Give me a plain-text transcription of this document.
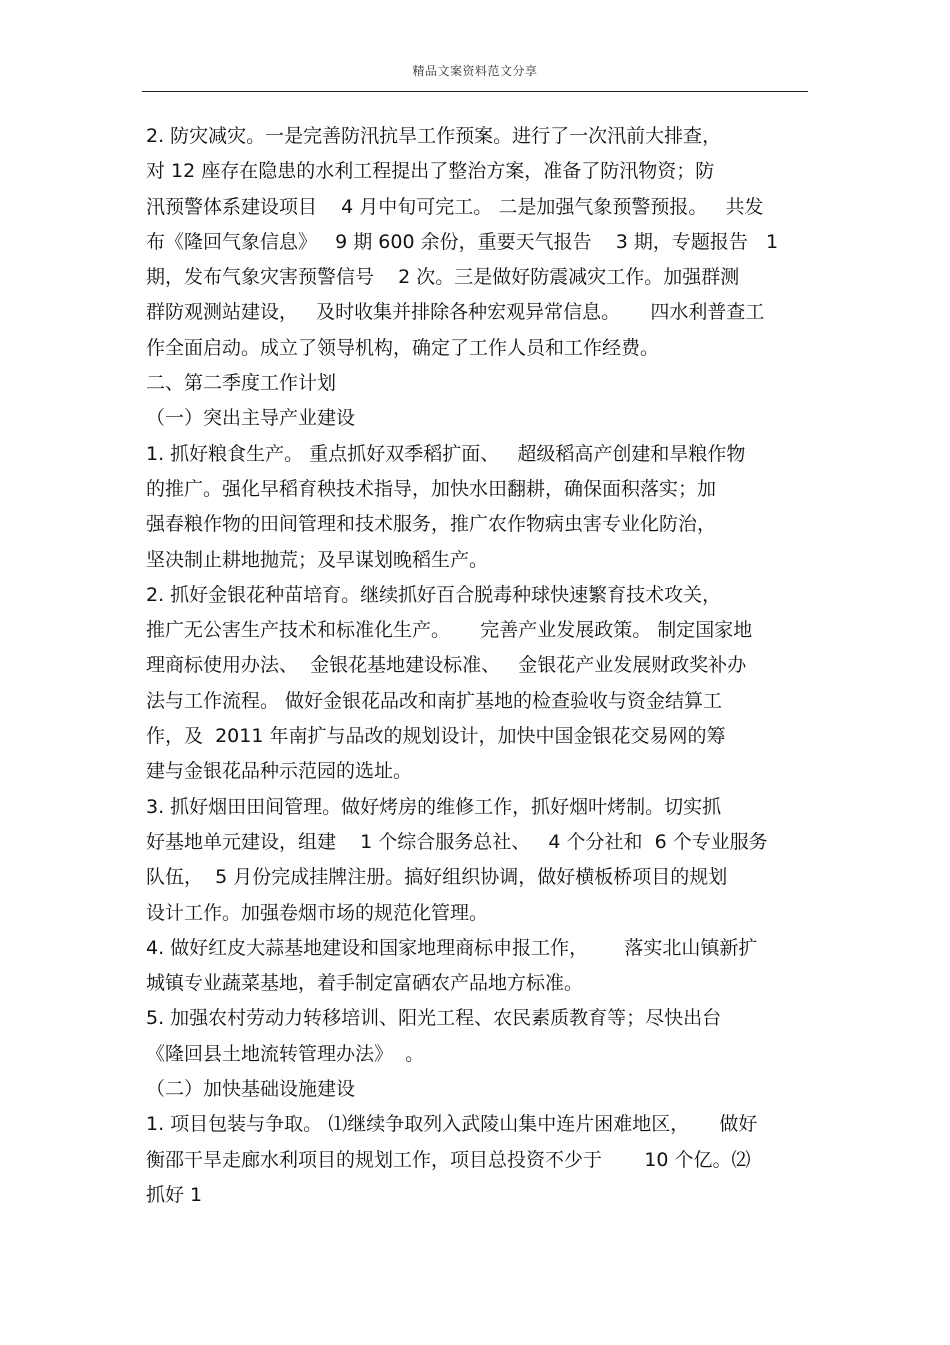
精品文案资料范文分享
2. 防灾减灾。一是完善防汛抗旱工作预案。进行了一次汛前大排查，
对 12 座存在隐患的水利工程提出了整治方案，准备了防汛物资；防
汛预警体系建设项目    4 月中旬可完工。 二是加强气象预警预报。   共发
布《隆回气象信息》   9 期 600 余份，重要天气报告    3 期，专题报告   1
期，发布气象灾害预警信号    2 次。三是做好防震减灾工作。加强群测
群防观测站建设，   及时收集并排除各种宏观异常信息。     四水利普查工
作全面启动。成立了领导机构，确定了工作人员和工作经费。
二、第二季度工作计划
（一）突出主导产业建设
1. 抓好粮食生产。 重点抓好双季稻扩面、   超级稻高产创建和旱粮作物
的推广。强化早稻育秧技术指导，加快水田翻耕，确保面积落实；加
强春粮作物的田间管理和技术服务，推广农作物病虫害专业化防治，
坚决制止耕地抛荒；及早谋划晚稻生产。
2. 抓好金银花种苗培育。继续抓好百合脱毒种球快速繁育技术攻关，
推广无公害生产技术和标准化生产。     完善产业发展政策。 制定国家地
理商标使用办法、  金银花基地建设标准、   金银花产业发展财政奖补办
法与工作流程。 做好金银花品改和南扩基地的检查验收与资金结算工
作，及  2011 年南扩与品改的规划设计，加快中国金银花交易网的筹
建与金银花品种示范园的选址。
3. 抓好烟田田间管理。做好烤房的维修工作，抓好烟叶烤制。切实抓
好基地单元建设，组建    1 个综合服务总社、   4 个分社和  6 个专业服务
队伍，  5 月份完成挂牌注册。搞好组织协调，做好横板桥项目的规划
设计工作。加强卷烟市场的规范化管理。
4. 做好红皮大蒜基地建设和国家地理商标申报工作，      落实北山镇新扩
城镇专业蔬菜基地，着手制定富硒农产品地方标准。
5. 加强农村劳动力转移培训、阳光工程、农民素质教育等；尽快出台
《隆回县土地流转管理办法》  。
（二）加快基础设施建设
1. 项目包装与争取。 ⑴继续争取列入武陵山集中连片困难地区，     做好
衡邵干旱走廊水利项目的规划工作，项目总投资不少于       10 个亿。⑵
抓好 1
